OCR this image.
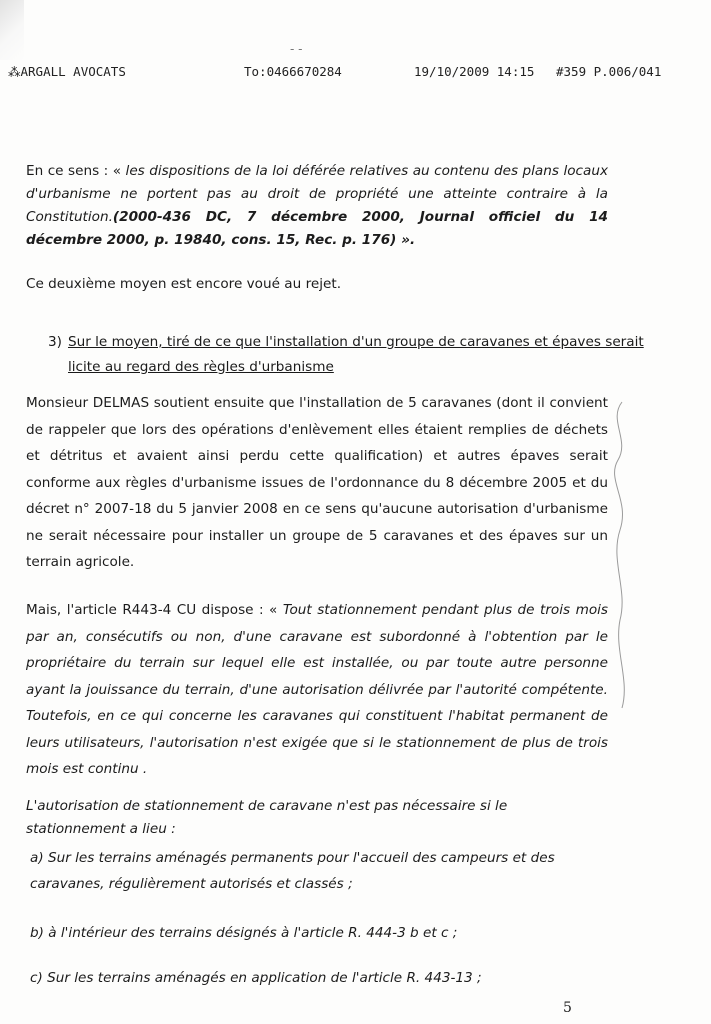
- -
⁂ARGALL AVOCATS	To:0466670284	19/10/2009 14:15 #359 P.006/041
En ce sens : « les dispositions de la loi déférée relatives au contenu des plans locaux d'urbanisme ne portent pas au droit de propriété une atteinte contraire à la Constitution.(2000-436 DC, 7 décembre 2000, Journal officiel du 14 décembre 2000, p. 19840, cons. 15, Rec. p. 176) ».
Ce deuxième moyen est encore voué au rejet.
3) Sur le moyen, tiré de ce que l'installation d'un groupe de caravanes et épaves serait
licite au regard des règles d'urbanisme
Monsieur DELMAS soutient ensuite que l'installation de 5 caravanes (dont il convient de rappeler que lors des opérations d'enlèvement elles étaient remplies de déchets et détritus et avaient ainsi perdu cette qualification) et autres épaves serait conforme aux règles d'urbanisme issues de l'ordonnance du 8 décembre 2005 et du décret n° 2007-18 du 5 janvier 2008 en ce sens qu'aucune autorisation d'urbanisme ne serait nécessaire pour installer un groupe de 5 caravanes et des épaves sur un terrain agricole.
Mais, l'article R443-4 CU dispose : « Tout stationnement pendant plus de trois mois par an, consécutifs ou non, d'une caravane est subordonné à l'obtention par le propriétaire du terrain sur lequel elle est installée, ou par toute autre personne ayant la jouissance du terrain, d'une autorisation délivrée par l'autorité compétente. Toutefois, en ce qui concerne les caravanes qui constituent l'habitat permanent de leurs utilisateurs, l'autorisation n'est exigée que si le stationnement de plus de trois mois est continu .
L'autorisation de stationnement de caravane n'est pas nécessaire si le stationnement a lieu :
a) Sur les terrains aménagés permanents pour l'accueil des campeurs et des caravanes, régulièrement autorisés et classés ;
b) à l'intérieur des terrains désignés à l'article R. 444-3 b et c ;
c) Sur les terrains aménagés en application de l'article R. 443-13 ;
5
